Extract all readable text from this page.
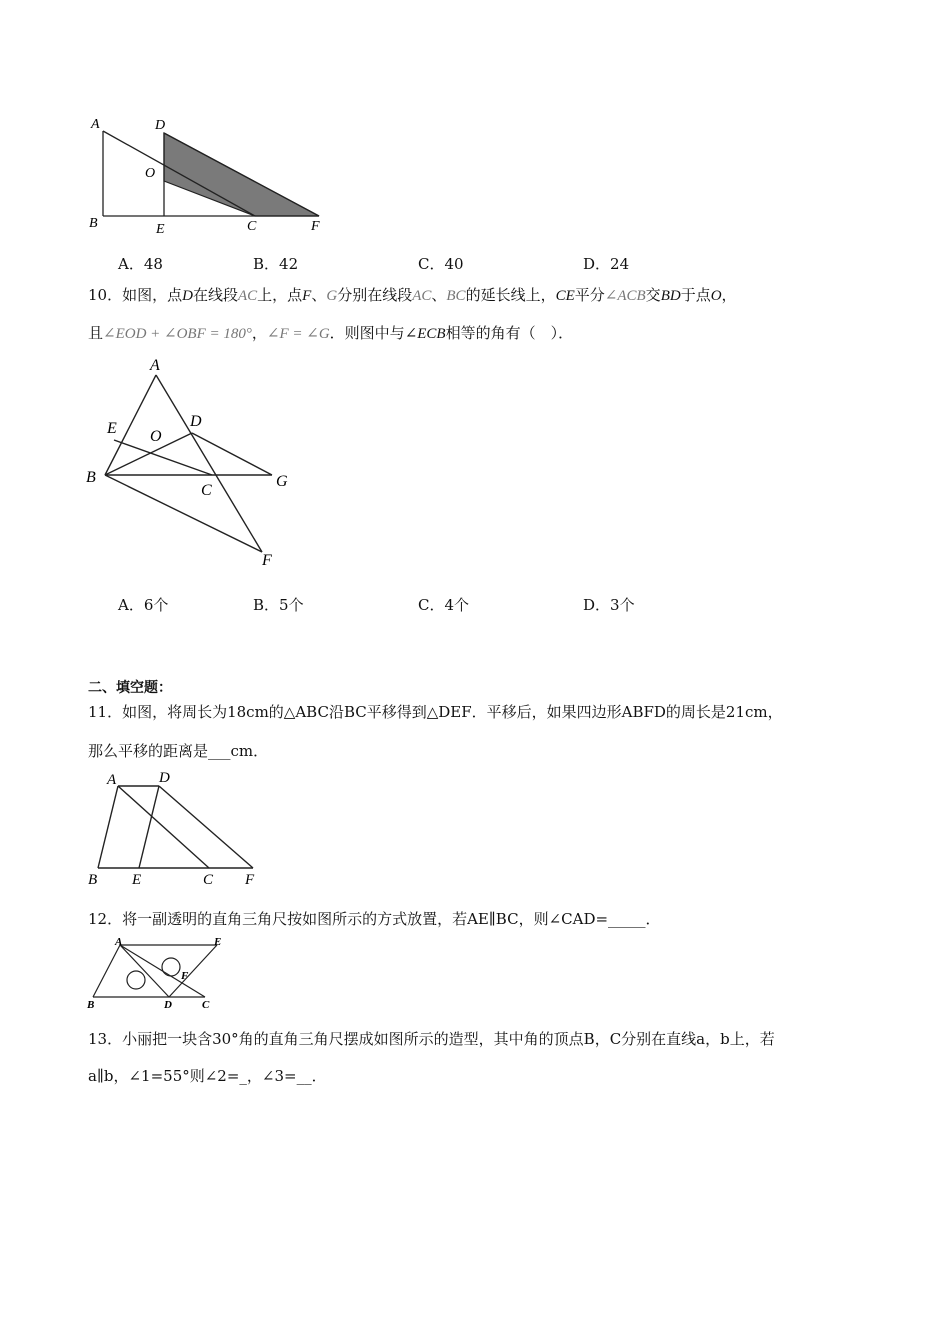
A	D
O
B	E	C	F
A．48	B．42	C．40	D．24
10．如图，点D在线段AC上，点F、G分别在线段AC、BC的延长线上，CE平分∠ACB交BD于点O，
且∠EOD + ∠OBF = 180°，∠F = ∠G．则图中与∠ECB相等的角有（　）．
A
E O
D
B
C
G
F
A．6个	B．5个	C．4个	D．3个
二、填空题：
11．如图，将周长为18cm的△ABC沿BC平移得到△DEF．平移后，如果四边形ABFD的周长是21cm，
那么平移的距离是___cm．
A	D
B E	C F
12．将一副透明的直角三角尺按如图所示的方式放置，若AE∥BC，则∠CAD=_____．
A	E
F
B	D	C
13．小丽把一块含30°角的直角三角尺摆成如图所示的造型，其中角的顶点B，C分别在直线a，b上，若
a∥b，∠1=55°则∠2=_，∠3=__．
